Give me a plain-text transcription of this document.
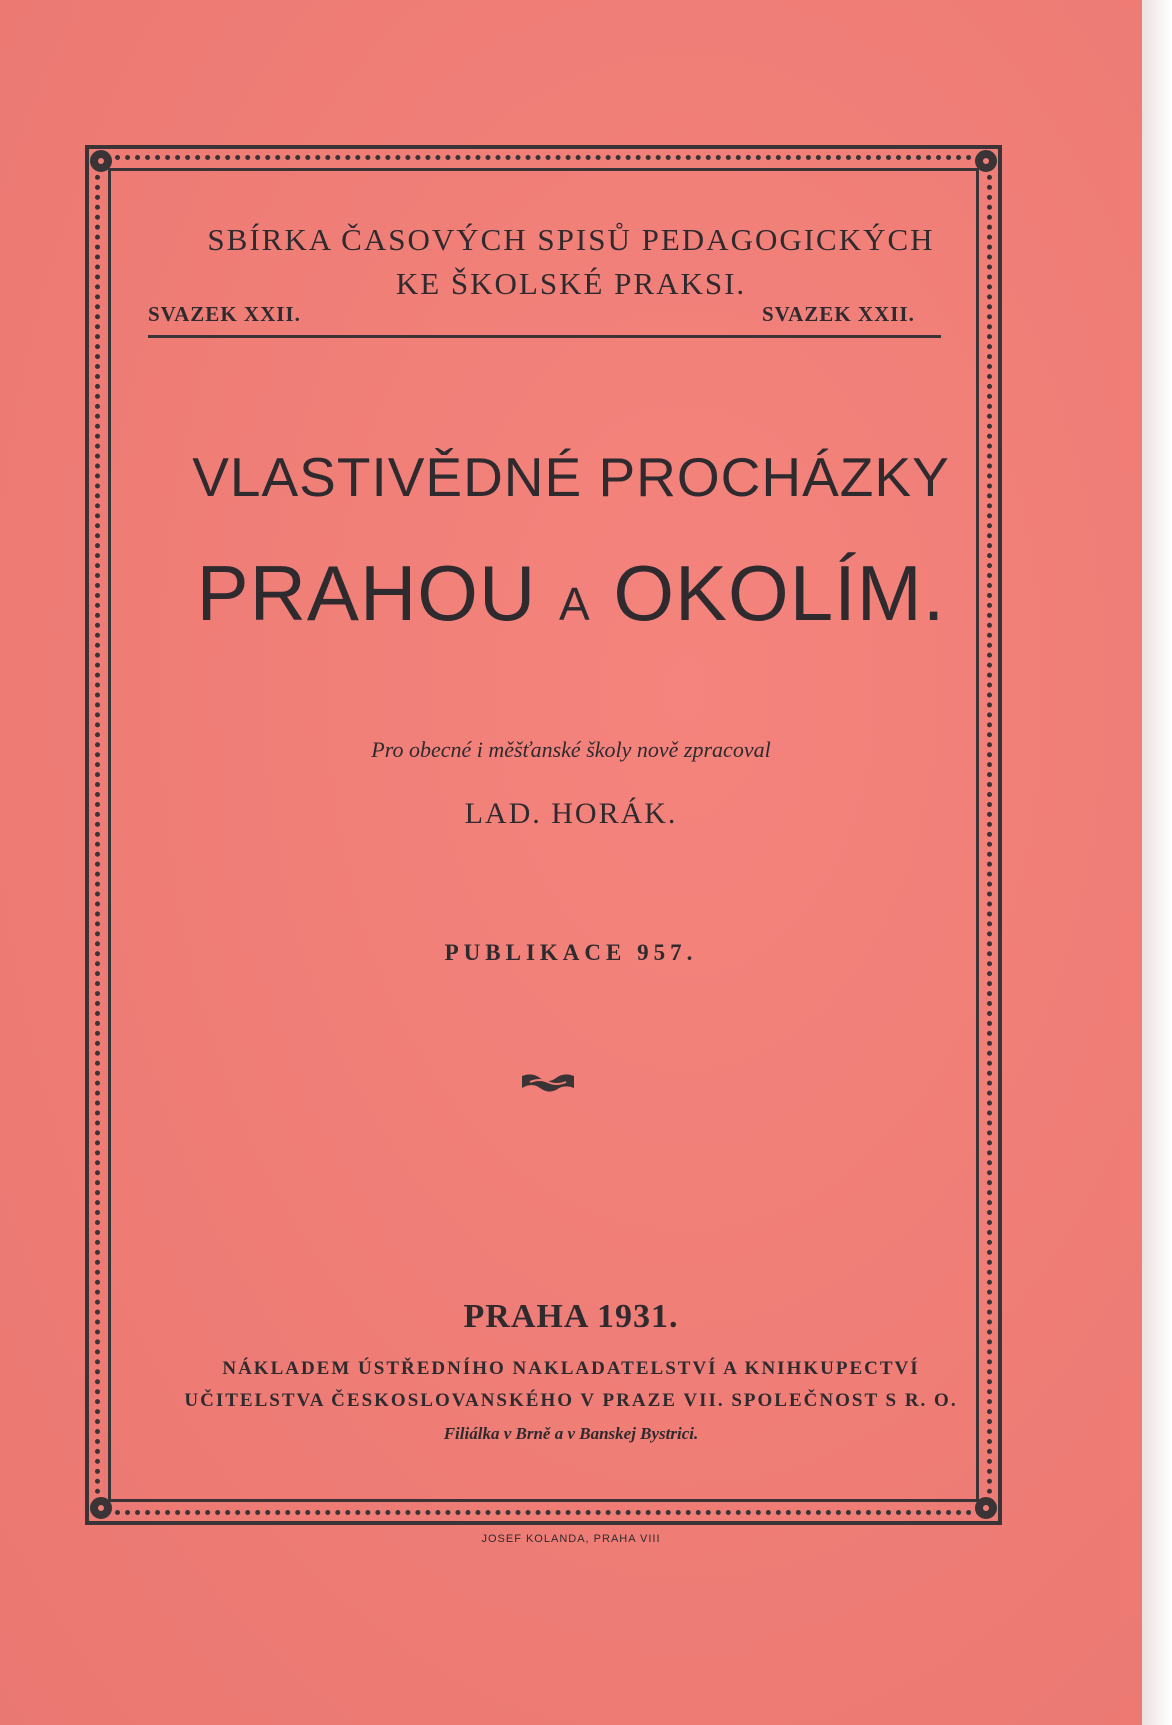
SBÍRKA ČASOVÝCH SPISŮ PEDAGOGICKÝCH
KE ŠKOLSKÉ PRAKSI.
SVAZEK XXII.	SVAZEK XXII.
VLASTIVĚDNÉ PROCHÁZKY
PRAHOU A OKOLÍM.
Pro obecné i měšťanské školy nově zpracoval
LAD. HORÁK.
PUBLIKACE 957.
PRAHA 1931.
NÁKLADEM ÚSTŘEDNÍHO NAKLADATELSTVÍ A KNIHKUPECTVÍ
UČITELSTVA ČESKOSLOVANSKÉHO V PRAZE VII. SPOLEČNOST S R. O.
Filiálka v Brně a v Banskej Bystrici.
JOSEF KOLANDA, PRAHA VIII
